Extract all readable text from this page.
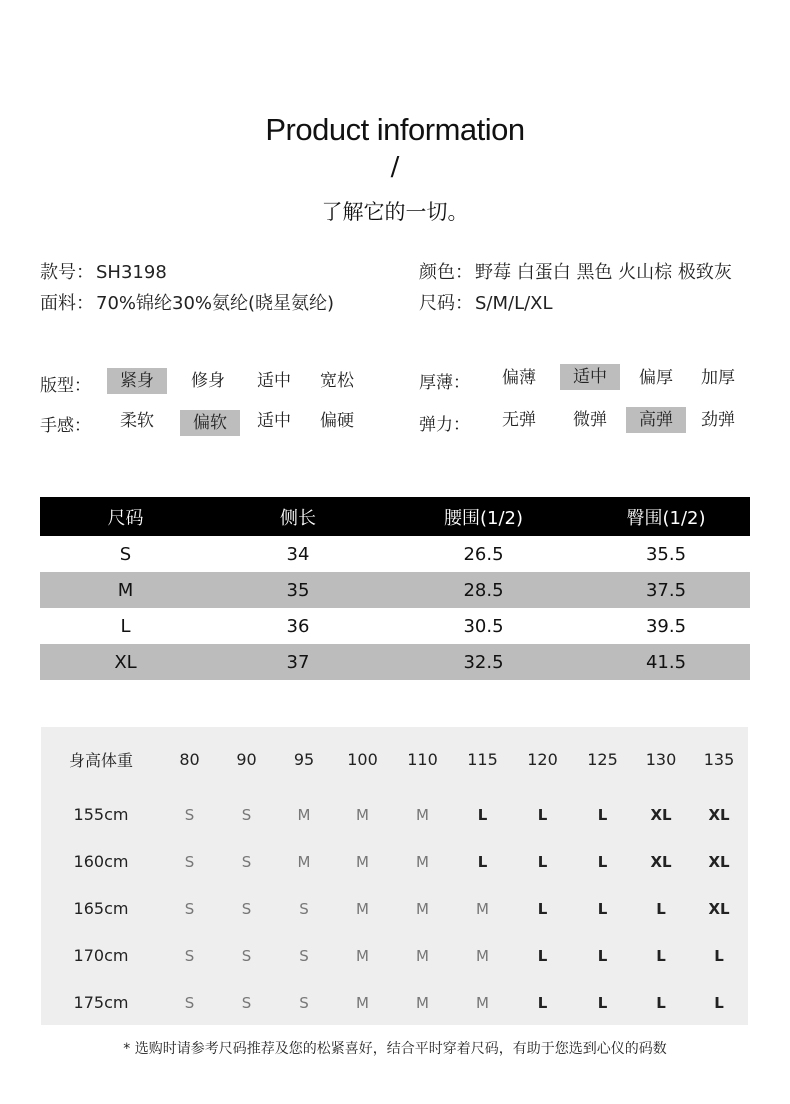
Product information
/
了解它的一切。
款号： SH3198
面料： 70%锦纶30%氨纶(晓星氨纶)
颜色： 野莓 白蛋白 黑色 火山棕 极致灰
尺码： S/M/L/XL
版型：	紧身	修身	适中	宽松
手感：	柔软	偏软	适中	偏硬
厚薄：	偏薄	适中	偏厚	加厚
弹力：	无弹	微弹	高弹	劲弹
尺码	侧长	腰围(1/2)	臀围(1/2)
S	34	26.5	35.5
M	35	28.5	37.5
L	36	30.5	39.5
XL	37	32.5	41.5
身高体重	80	90	95	100	110	115	120	125	130	135
155cm	S	S	M	M	M	L	L	L	XL	XL
160cm	S	S	M	M	M	L	L	L	XL	XL
165cm	S	S	S	M	M	M	L	L	L	XL
170cm	S	S	S	M	M	M	L	L	L	L
175cm	S	S	S	M	M	M	L	L	L	L
* 选购时请参考尺码推荐及您的松紧喜好，结合平时穿着尺码，有助于您选到心仪的码数
